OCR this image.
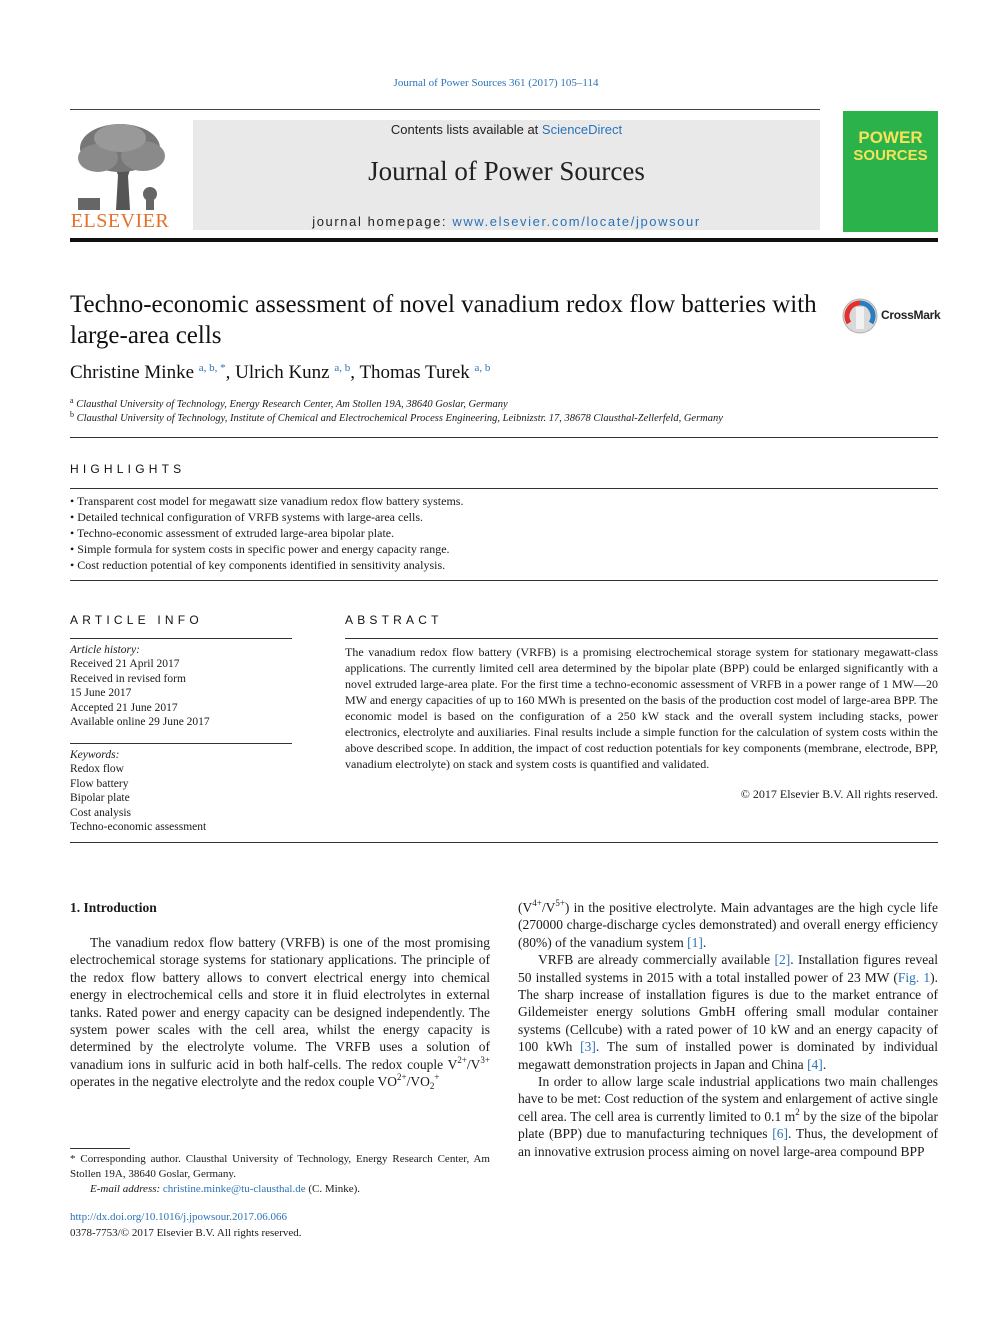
Journal of Power Sources 361 (2017) 105–114
ELSEVIER
Contents lists available at ScienceDirect
Journal of Power Sources
journal homepage: www.elsevier.com/locate/jpowsour
POWER
SOURCES
Techno-economic assessment of novel vanadium redox flow batteries with large-area cells
CrossMark
Christine Minke $^{a, b, *}$, Ulrich Kunz $^{a, b}$, Thomas Turek $^{a, b}$
$^a$ Clausthal University of Technology, Energy Research Center, Am Stollen 19A, 38640 Goslar, Germany
$^b$ Clausthal University of Technology, Institute of Chemical and Electrochemical Process Engineering, Leibnizstr. 17, 38678 Clausthal-Zellerfeld, Germany
HIGHLIGHTS
• Transparent cost model for megawatt size vanadium redox flow battery systems.
• Detailed technical configuration of VRFB systems with large-area cells.
• Techno-economic assessment of extruded large-area bipolar plate.
• Simple formula for system costs in specific power and energy capacity range.
• Cost reduction potential of key components identified in sensitivity analysis.
ARTICLE INFO
Article history:
Received 21 April 2017
Received in revised form
15 June 2017
Accepted 21 June 2017
Available online 29 June 2017
Keywords:
Redox flow
Flow battery
Bipolar plate
Cost analysis
Techno-economic assessment
ABSTRACT
The vanadium redox flow battery (VRFB) is a promising electrochemical storage system for stationary megawatt-class applications. The currently limited cell area determined by the bipolar plate (BPP) could be enlarged significantly with a novel extruded large-area plate. For the first time a techno-economic assessment of VRFB in a power range of 1 MW—20 MW and energy capacities of up to 160 MWh is presented on the basis of the production cost model of large-area BPP. The economic model is based on the configuration of a 250 kW stack and the overall system including stacks, power electronics, electrolyte and auxiliaries. Final results include a simple function for the calculation of system costs within the above described scope. In addition, the impact of cost reduction potentials for key components (membrane, electrode, BPP, vanadium electrolyte) on stack and system costs is quantified and validated.
© 2017 Elsevier B.V. All rights reserved.
1. Introduction

The vanadium redox flow battery (VRFB) is one of the most promising electrochemical storage systems for stationary applications. The principle of the redox flow battery allows to convert electrical energy into chemical energy in electrochemical cells and store it in fluid electrolytes in external tanks. Rated power and energy capacity can be designed independently. The system power scales with the cell area, whilst the energy capacity is determined by the electrolyte volume. The VRFB uses a solution of vanadium ions in sulfuric acid in both half-cells. The redox couple $V^{2+}/V^{3+}$ operates in the negative electrolyte and the redox couple $VO^{2+}/VO_2^+$

$(V^{4+}/V^{5+})$ in the positive electrolyte. Main advantages are the high cycle life (270000 charge-discharge cycles demonstrated) and overall energy efficiency (80%) of the vanadium system [1].

VRFB are already commercially available [2]. Installation figures reveal 50 installed systems in 2015 with a total installed power of 23 MW (Fig. 1). The sharp increase of installation figures is due to the market entrance of Gildemeister energy solutions GmbH offering small modular container systems (Cellcube) with a rated power of 10 kW and an energy capacity of 100 kWh [3]. The sum of installed power is dominated by individual megawatt demonstration projects in Japan and China [4].

In order to allow large scale industrial applications two main challenges have to be met: Cost reduction of the system and enlargement of active single cell area. The cell area is currently limited to 0.1 $m^2$ by the size of the bipolar plate (BPP) due to manufacturing techniques [6]. Thus, the development of an innovative extrusion process aiming on novel large-area compound BPP

* Corresponding author. Clausthal University of Technology, Energy Research Center, Am Stollen 19A, 38640 Goslar, Germany.
E-mail address: christine.minke@tu-clausthal.de (C. Minke).
http://dx.doi.org/10.1016/j.jpowsour.2017.06.066
0378-7753/© 2017 Elsevier B.V. All rights reserved.
